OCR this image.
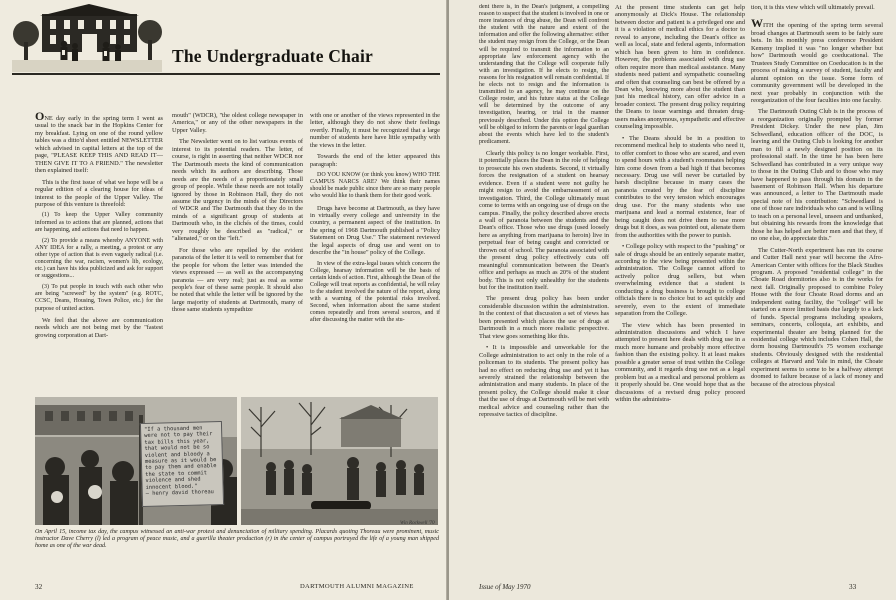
The Undergraduate Chair

ONE day early in the spring term I went as usual to the snack bar in the Hopkins Center for my breakfast. Lying on one of the round yellow tables was a ditto'd sheet entitled NEWSLETTER which advised in capital letters at the top of the page, "PLEASE KEEP THIS AND READ IT—THEN GIVE IT TO A FRIEND." The newsletter then explained itself:

This is the first issue of what we hope will be a regular edition of a clearing house for ideas of interest to the people of the Upper Valley. The purpose of this venture is threefold:

(1) To keep the Upper Valley community informed as to actions that are planned, actions that are happening, and actions that need to happen.

(2) To provide a means whereby ANYONE with ANY IDEA for a rally, a meeting, a protest or any other type of action that is even vaguely radical (i.e. concerning the war, racism, women's lib, ecology, etc.) can have his idea publicized and ask for support or suggestions...

(3) To put people in touch with each other who are being "screwed" by the system" (e.g. ROTC, CCSC, Deans, Housing, Town Police, etc.) for the purpose of united action.

We feel that the above are communication needs which are not being met by the "fastest growing corporation at Dart-

mouth" (WDCR), "the oldest college newspaper in America," or any of the other newspapers in the Upper Valley.

The Newsletter went on to list various events of interest to its potential readers. The letter, of course, is right in asserting that neither WDCR nor The Dartmouth meets the kind of communication needs which its authors are describing. Those needs are the needs of a proportionately small group of people. While these needs are not totally ignored by those in Robinson Hall, they do not assume the urgency in the minds of the Directors of WDCR and The Dartmouth that they do in the minds of a significant group of students at Dartmouth who, in the clichés of the times, could very roughly be described as "radical," or "alienated," or on the "left."

For those who are repelled by the evident paranoia of the letter it is well to remember that for the people for whom the letter was intended the views expressed — as well as the accompanying paranoia — are very real; just as real as some people's fear of these same people. It should also be noted that while the letter will be ignored by the large majority of students at Dartmouth, many of those same students sympathize

with one or another of the views represented in the letter, although they do not show their feelings overtly. Finally, it must be recognized that a large number of students here have little sympathy with the views in the letter.

Towards the end of the letter appeared this paragraph:

DO YOU KNOW (or think you know) WHO THE CAMPUS NARCS ARE? We think their names should be made public since there are so many people who would like to thank them for their good work.

Drugs have become at Dartmouth, as they have in virtually every college and university in the country, a permanent aspect of the institution. In the spring of 1968 Dartmouth published a "Policy Statement on Drug Use." The statement reviewed the legal aspects of drug use and went on to describe the "in house" policy of the College.

In view of the extra-legal issues which concern the College, hearsay information will be the basis of certain kinds of action. First, although the Dean of the College will treat reports as confidential, he will relay to the student involved the nature of the report, along with a warning of the potential risks involved. Second, when information about the same student comes repeatedly and from several sources, and if after discussing the matter with the stu-

"If a thousand men were not to pay their tax bills this year, that would not be so violent and bloody a measure as it would be to pay them and enable the state to commit violence and shed innocent blood."
— henry david thoreau
Win Rockwell '70
On April 15, income tax day, the campus witnessed an anti-war protest and denunciation of military spending. Placards quoting Thoreau were prominent, music instructor Dave Cherry (l) led a program of peace music, and a guerilla theater production (r) in the center of campus portrayed the life of a young man shipped home as one of the war dead.
32	DARTMOUTH ALUMNI MAGAZINE

dent there is, in the Dean's judgment, a compelling reason to suspect that the student is involved in one or more instances of drug abuse, the Dean will confront the student with the nature and extent of the information and offer the following alternative: either the student may resign from the College, or the Dean will be required to transmit the information to an appropriate law enforcement agency with the understanding that the College will cooperate fully with an investigation. If he elects to resign, the reasons for his resignation will remain confidential. If he elects not to resign and the information is transmitted to an agency, he may continue on the College roster, and his future status at the College will be determined by the outcome of any investigation, hearing, or trial in the manner previously described. Under this option the College will be obliged to inform the parents or legal guardian about the events which have led to the student's predicament.

Clearly this policy is no longer workable. First, it potentially places the Dean in the role of helping to prosecute his own students. Second, it virtually forces the resignation of a student on hearsay evidence. Even if a student were not guilty he might resign to avoid the embarrassment of an investigation. Third, the College ultimately must come to terms with an ongoing use of drugs on the campus. Finally, the policy described above erects a wall of paranoia between the students and the Dean's office. Those who use drugs (used loosely here as anything from marijuana to heroin) live in perpetual fear of being caught and convicted or thrown out of school. The paranoia associated with the present drug policy effectively cuts off meaningful communication between the Dean's office and perhaps as much as 20% of the student body. This is not only unhealthy for the students but for the institution itself.

The present drug policy has been under considerable discussion within the administration. In the context of that discussion a set of views has been presented which places the use of drugs at Dartmouth in a much more realistic perspective. That view goes something like this.

• It is impossible and unworkable for the College administration to act only in the role of a policeman to its students. The present policy has had no effect on reducing drug use and yet it has severely strained the relationship between the administration and many students. In place of the present policy, the College should make it clear that the use of drugs at Dartmouth will be met with medical advice and counseling rather than the repressive tactics of discipline.

At the present time students can get help anonymously at Dick's House. The relationship between doctor and patient is a privileged one and it is a violation of medical ethics for a doctor to reveal to anyone, including the Dean's office as well as local, state and federal agents, information which has been given to him in confidence. However, the problems associated with drug use often require more than medical assistance. Many students need patient and sympathetic counseling and often that counseling can best be offered by a Dean who, knowing more about the student than just his medical history, can offer advice in a broader context. The present drug policy requiring the Deans to issue warnings and threaten drug-users makes anonymous, sympathetic and effective counseling impossible.

• The Deans should be in a position to recommend medical help to students who need it, to offer comfort to those who are scared, and even to spend hours with a student's roommates helping him come down from a bad high if that becomes necessary. Drug use will never be curtailed by harsh discipline because in many cases the paranoia created by the fear of discipline contributes to the very tension which encourages drug use. For the many students who use marijuana and lead a normal existence, fear of being caught does not drive them to use more drugs but it does, as was pointed out, alienate them from the authorities with the power to punish.

• College policy with respect to the "pushing" or sale of drugs should be an entirely separate matter, according to the view being presented within the administration. The College cannot afford to actively police drug sellers, but when overwhelming evidence that a student is conducting a drug business is brought to college officials there is no choice but to act quickly and severely, even to the extent of immediate separation from the College.

The view which has been presented in administration discussions and which I have attempted to present here deals with drug use in a much more humane and probably more effective fashion than the existing policy. It at least makes possible a greater sense of trust within the College community, and it regards drug use not as a legal problem but as a medical and personal problem as it properly should be. One would hope that as the discussions of a revised drug policy proceed within the administra-

tion, it is this view which will ultimately prevail.

WITH the opening of the spring term several broad changes at Dartmouth seem to be fairly sure bets. In his monthly press conference President Kemeny implied it was "no longer whether but how" Dartmouth would go coeducational. The Trustees Study Committee on Coeducation is in the process of making a survey of student, faculty and alumni opinion on the issue. Some form of community government will be developed in the next year probably in conjunction with the reorganization of the four faculties into one faculty.

The Dartmouth Outing Club is in the process of a reorganization originally prompted by former President Dickey. Under the new plan, Jim Schwedland, education officer of the DOC, is leaving and the Outing Club is looking for another man to fill a newly designed position on its professional staff. In the time he has been here Schwedland has contributed in a very unique way to those in the Outing Club and to those who may have happened to pass through his domain in the basement of Robinson Hall. When his departure was announced, a letter to The Dartmouth made special note of his contribution: "Schwedland is one of those rare individuals who can and is willing to teach on a personal level, unseen and unthanked, but obtaining his rewards from the knowledge that those he has helped are better men and that they, if no one else, do appreciate this."

The Cutter-North experiment has run its course and Cutter Hall next year will become the Afro-American Center with offices for the Black Studies program. A proposed "residential college" in the Choate Road dormitories also is in the works for next fall. Originally proposed to combine Foley House with the four Choate Road dorms and an independent eating facility, the "college" will be started on a more limited basis due largely to a lack of funds. Special programs including speakers, seminars, concerts, colloquia, art exhibits, and experimental theater are being planned for the residential college which includes Cohen Hall, the dorm housing Dartmouth's 75 women exchange students. Obviously designed with the residential colleges at Harvard and Yale in mind, the Choate experiment seems to some to be a halfway attempt doomed to failure because of a lack of money and because of the atrocious physical

Issue of May 1970	33
